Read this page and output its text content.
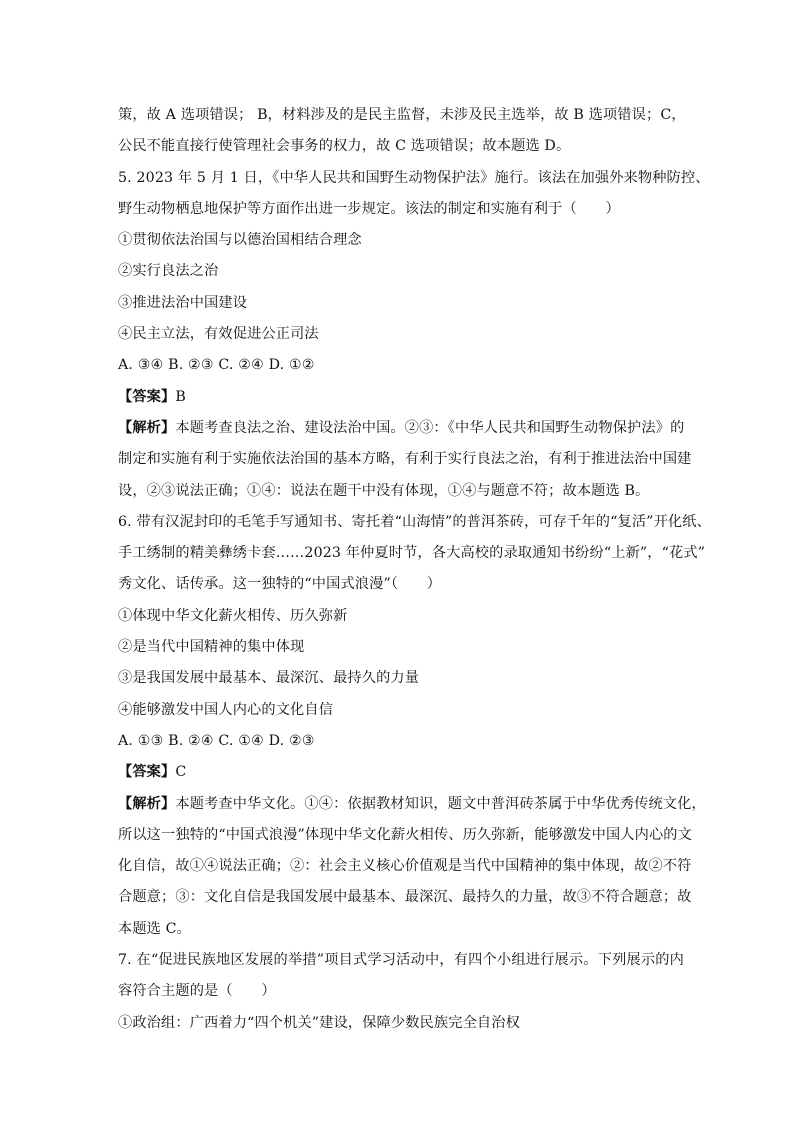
策，故 A 选项错误； B，材料涉及的是民主监督，未涉及民主选举，故 B 选项错误；C，
公民不能直接行使管理社会事务的权力，故 C 选项错误；故本题选 D。
5. 2023 年 5 月 1 日，《中华人民共和国野生动物保护法》施行。该法在加强外来物种防控、
野生动物栖息地保护等方面作出进一步规定。该法的制定和实施有利于（　　）
①贯彻依法治国与以德治国相结合理念
②实行良法之治
③推进法治中国建设
④民主立法，有效促进公正司法
A. ③④ B. ②③ C. ②④ D. ①②
【答案】B
【解析】本题考查良法之治、建设法治中国。②③：《中华人民共和国野生动物保护法》的
制定和实施有利于实施依法治国的基本方略，有利于实行良法之治，有利于推进法治中国建
设，②③说法正确；①④：说法在题干中没有体现，①④与题意不符；故本题选 B。
6. 带有汉泥封印的毛笔手写通知书、寄托着“山海情”的普洱茶砖，可存千年的“复活”开化纸、
手工绣制的精美彝绣卡套……2023 年仲夏时节，各大高校的录取通知书纷纷“上新”，“花式”
秀文化、话传承。这一独特的“中国式浪漫”（　　）
①体现中华文化薪火相传、历久弥新
②是当代中国精神的集中体现
③是我国发展中最基本、最深沉、最持久的力量
④能够激发中国人内心的文化自信
A. ①③ B. ②④ C. ①④ D. ②③
【答案】C
【解析】本题考查中华文化。①④：依据教材知识，题文中普洱砖茶属于中华优秀传统文化，
所以这一独特的“中国式浪漫”体现中华文化薪火相传、历久弥新，能够激发中国人内心的文
化自信，故①④说法正确；②：社会主义核心价值观是当代中国精神的集中体现，故②不符
合题意；③：文化自信是我国发展中最基本、最深沉、最持久的力量，故③不符合题意；故
本题选 C。
7. 在“促进民族地区发展的举措”项目式学习活动中，有四个小组进行展示。下列展示的内
容符合主题的是（　　）
①政治组：广西着力“四个机关”建设，保障少数民族完全自治权
